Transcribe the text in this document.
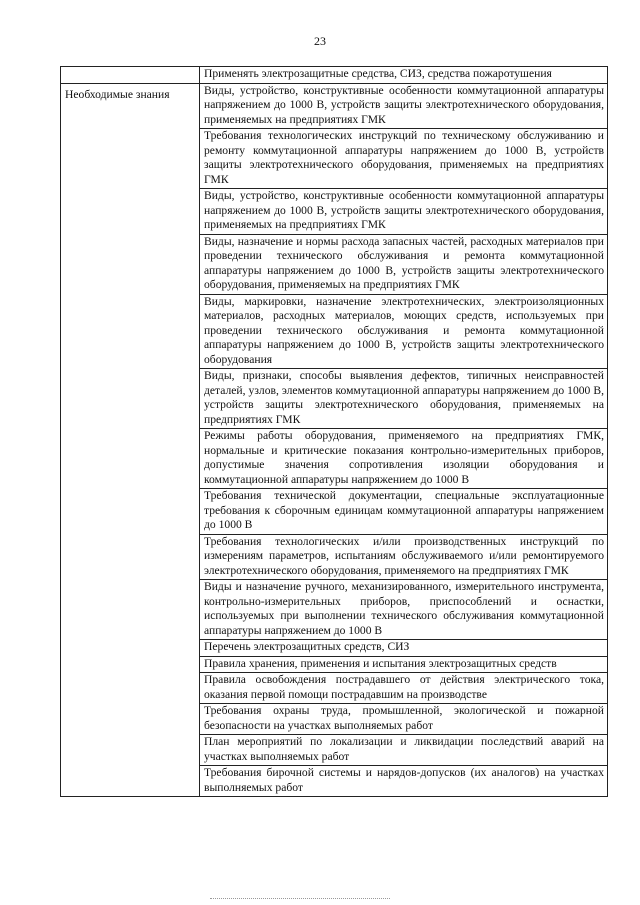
23
	Применять электрозащитные средства, СИЗ, средства пожаротушения
Необходимые знания	Виды, устройство, конструктивные особенности коммутационной аппаратуры напряжением до 1000 В, устройств защиты электротехнического оборудования, применяемых на предприятиях ГМК
	Требования технологических инструкций по техническому обслуживанию и ремонту коммутационной аппаратуры напряжением до 1000 В, устройств защиты электротехнического оборудования, применяемых на предприятиях ГМК
	Виды, устройство, конструктивные особенности коммутационной аппаратуры напряжением до 1000 В, устройств защиты электротехнического оборудования, применяемых на предприятиях ГМК
	Виды, назначение и нормы расхода запасных частей, расходных материалов при проведении технического обслуживания и ремонта коммутационной аппаратуры напряжением до 1000 В, устройств защиты электротехнического оборудования, применяемых на предприятиях ГМК
	Виды, маркировки, назначение электротехнических, электроизоляционных материалов, расходных материалов, моющих средств, используемых при проведении технического обслуживания и ремонта коммутационной аппаратуры напряжением до 1000 В, устройств защиты электротехнического оборудования
	Виды, признаки, способы выявления дефектов, типичных неисправностей деталей, узлов, элементов коммутационной аппаратуры напряжением до 1000 В, устройств защиты электротехнического оборудования, применяемых на предприятиях ГМК
	Режимы работы оборудования, применяемого на предприятиях ГМК, нормальные и критические показания контрольно-измерительных приборов, допустимые значения сопротивления изоляции оборудования и коммутационной аппаратуры напряжением до 1000 В
	Требования технической документации, специальные эксплуатационные требования к сборочным единицам коммутационной аппаратуры напряжением до 1000 В
	Требования технологических и/или производственных инструкций по измерениям параметров, испытаниям обслуживаемого и/или ремонтируемого электротехнического оборудования, применяемого на предприятиях ГМК
	Виды и назначение ручного, механизированного, измерительного инструмента, контрольно-измерительных приборов, приспособлений и оснастки, используемых при выполнении технического обслуживания коммутационной аппаратуры напряжением до 1000 В
	Перечень электрозащитных средств, СИЗ
	Правила хранения, применения и испытания электрозащитных средств
	Правила освобождения пострадавшего от действия электрического тока, оказания первой помощи пострадавшим на производстве
	Требования охраны труда, промышленной, экологической и пожарной безопасности на участках выполняемых работ
	План мероприятий по локализации и ликвидации последствий аварий на участках выполняемых работ
	Требования бирочной системы и нарядов-допусков (их аналогов) на участках выполняемых работ
